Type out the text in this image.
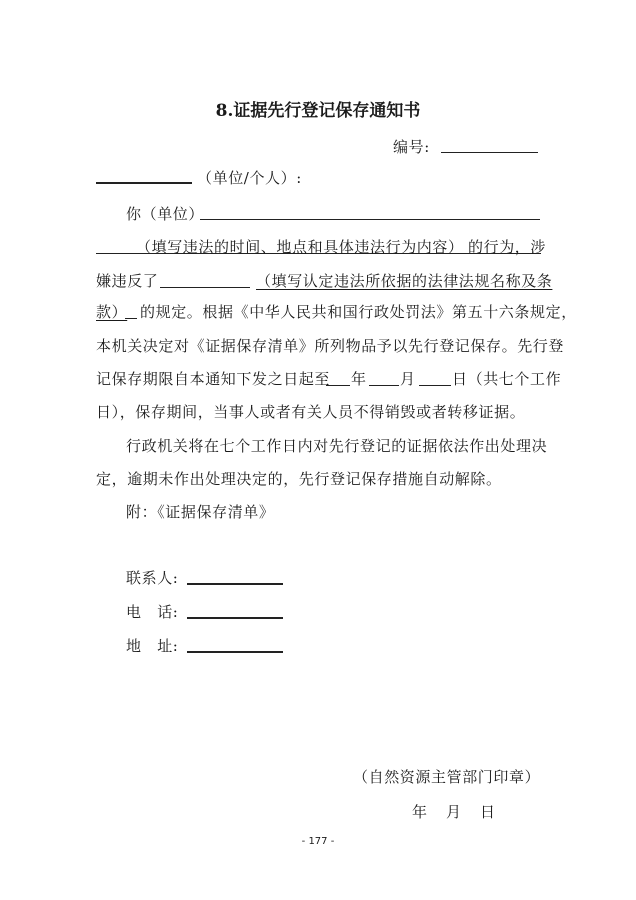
8.证据先行登记保存通知书
编号:
（单位/个人）:
你（单位）
（填写违法的时间、地点和具体违法行为内容） 的行为，涉
嫌违反了	（填写认定违法所依据的法律法规名称及条
款） 的规定。根据《中华人民共和国行政处罚法》第五十六条规定，
本机关决定对《证据保存清单》所列物品予以先行登记保存。先行登
记保存期限自本通知下发之日起至 年 月 日（共七个工作
日），保存期间，当事人或者有关人员不得销毁或者转移证据。
行政机关将在七个工作日内对先行登记的证据依法作出处理决
定，逾期未作出处理决定的，先行登记保存措施自动解除。
附：《证据保存清单》
联系人:
电　话:
地　址:
（自然资源主管部门印章）
年　月　日
- 177 -
